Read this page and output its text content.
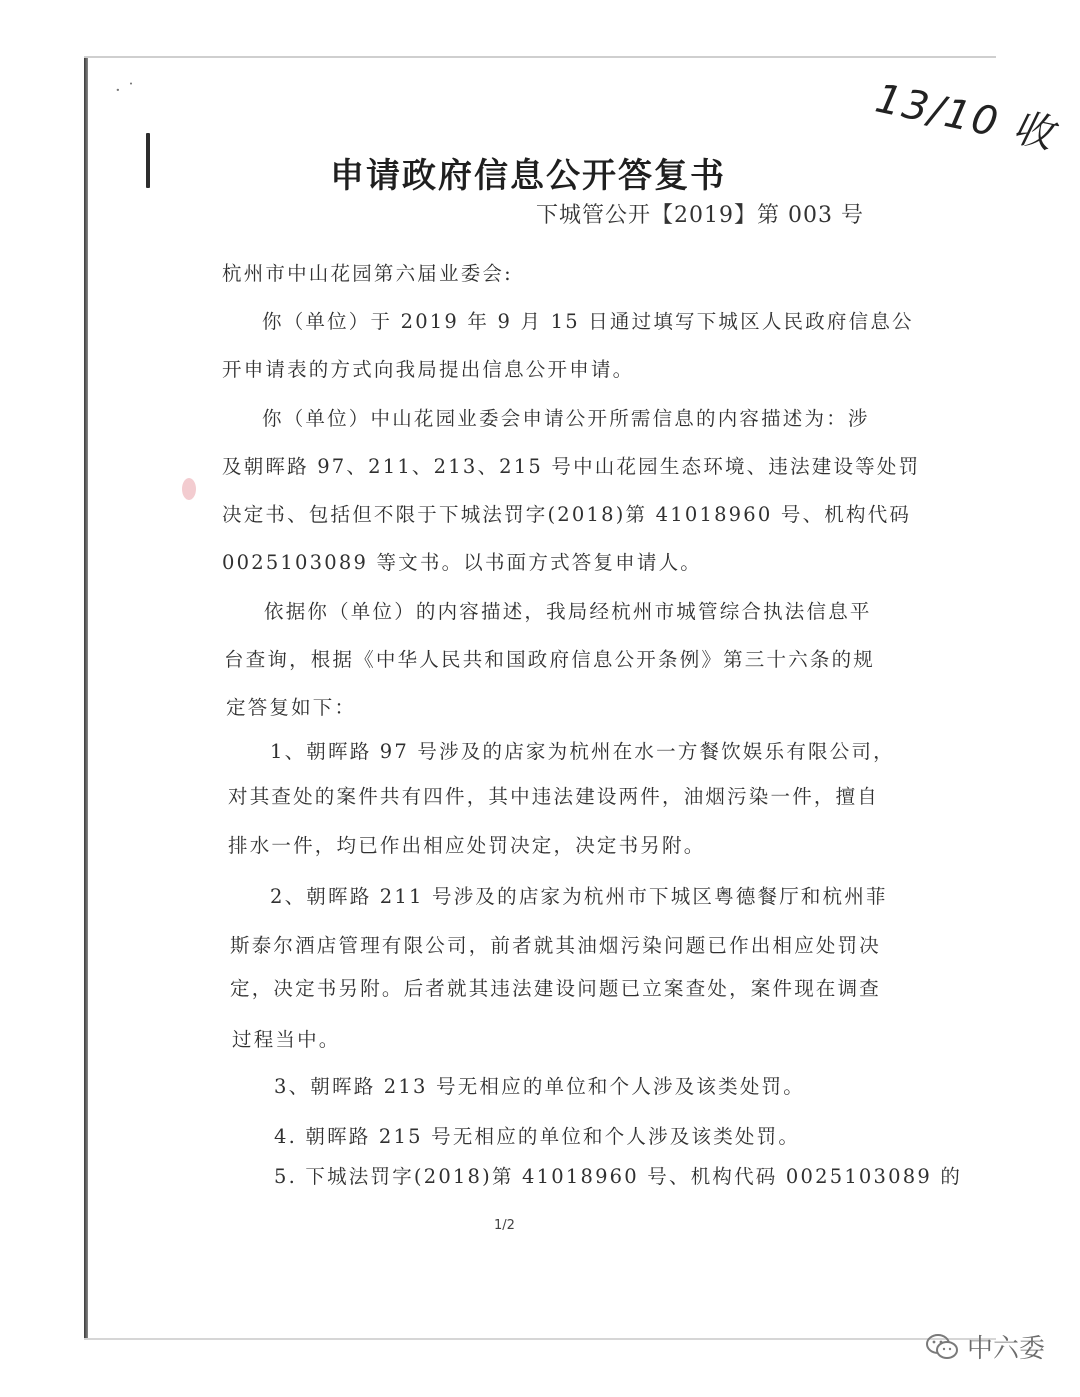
· ˙	13/10 收
申请政府信息公开答复书
下城管公开【2019】第 003 号
杭州市中山花园第六届业委会:
你（单位）于 2019 年 9 月 15 日通过填写下城区人民政府信息公
开申请表的方式向我局提出信息公开申请。
你（单位）中山花园业委会申请公开所需信息的内容描述为：涉
及朝晖路 97、211、213、215 号中山花园生态环境、违法建设等处罚
决定书、包括但不限于下城法罚字(2018)第 41018960 号、机构代码
0025103089 等文书。以书面方式答复申请人。
依据你（单位）的内容描述，我局经杭州市城管综合执法信息平
台查询，根据《中华人民共和国政府信息公开条例》第三十六条的规
定答复如下：
1、朝晖路 97 号涉及的店家为杭州在水一方餐饮娱乐有限公司，
对其查处的案件共有四件，其中违法建设两件，油烟污染一件，擅自
排水一件，均已作出相应处罚决定，决定书另附。
2、朝晖路 211 号涉及的店家为杭州市下城区粤德餐厅和杭州菲
斯泰尔酒店管理有限公司，前者就其油烟污染问题已作出相应处罚决
定，决定书另附。后者就其违法建设问题已立案查处，案件现在调查
过程当中。
3、朝晖路 213 号无相应的单位和个人涉及该类处罚。
4. 朝晖路 215 号无相应的单位和个人涉及该类处罚。
5. 下城法罚字(2018)第 41018960 号、机构代码 0025103089 的
1/2
中六委
